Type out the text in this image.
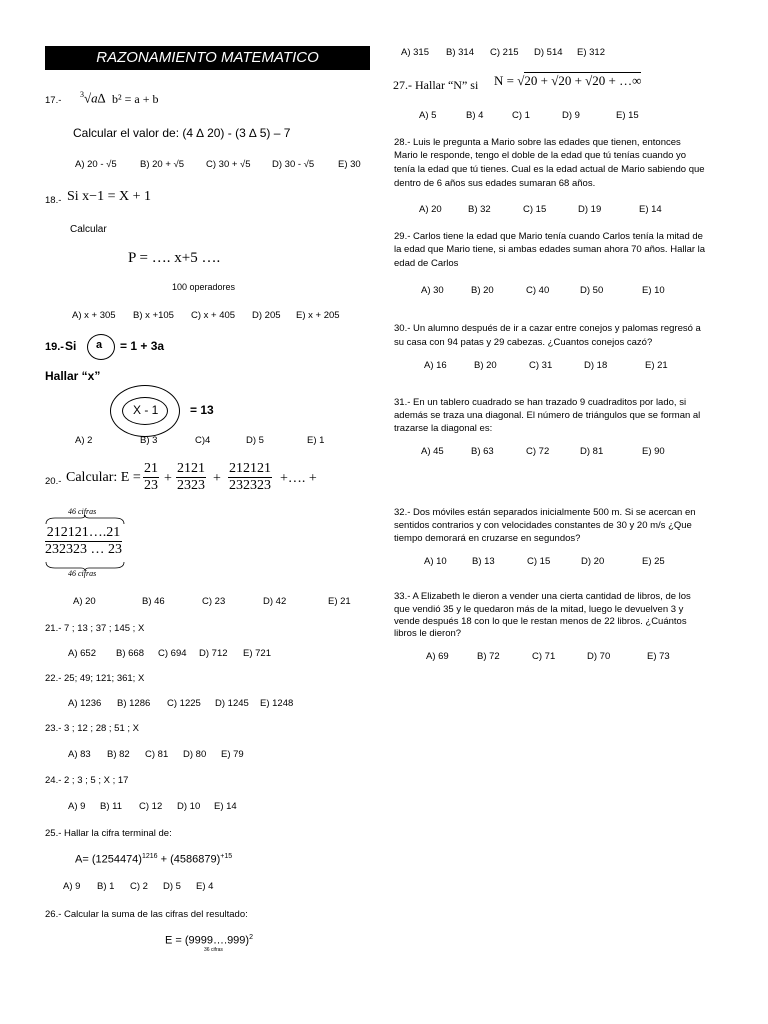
RAZONAMIENTO MATEMATICO
17.-
$^3$√a∆ b² = a + b
Calcular el valor de: (4 ∆ 20) - (3 ∆ 5) – 7
A) 20 - √5 B) 20 + √5 C) 30 + √5 D) 30 - √5	E) 30
18.- Si x−1 = X + 1
Calcular
P = …. x+5 ….
100 operadores
A) x + 305 B) x +105 C) x + 405 D) 205 E) x + 205
19.- Si a = 1 + 3a
Hallar “x”
X - 1	= 13
A) 2	B) 3	C)4	D) 5	E) 1
20.- Calcular: $E = \frac{21}{23} + \frac{2121}{2323} + \frac{212121}{232323}$ +…. +
46 cifras
$\frac{212121\dots.21}{232323 \dots 23}$
46 cifras
A) 20	B) 46	C) 23	D) 42	E) 21
21.- 7 ; 13 ; 37 ; 145 ; X
A) 652 B) 668 C) 694 D) 712 E) 721
22.- 25; 49; 121; 361; X
A) 1236 B) 1286 C) 1225 D) 1245 E) 1248
23.- 3 ; 12 ; 28 ; 51 ; X
A) 83 B) 82 C) 81 D) 80 E) 79
24.- 2 ; 3 ; 5 ; X ; 17
A) 9 B) 11 C) 12 D) 10 E) 14
25.- Hallar la cifra terminal de:
$A= (1254474)^{1216} + (4586879)^{+15}$
A) 9 B) 1 C) 2 D) 5 E) 4
26.- Calcular la suma de las cifras del resultado:
E = (9999….999)$^2$
36 cifras
A) 315 B) 314 C) 215 D) 514 E) 312
27.- Hallar “N” si N = √20 + √20 + √20 + …∞
A) 5	B) 4	C) 1	D) 9	E) 15
28.- Luis le pregunta a Mario sobre las edades que tienen, entonces
Mario le responde, tengo el doble de la edad que tú tenías cuando yo
tenía la edad que tú tienes. Cual es la edad actual de Mario sabiendo que
dentro de 6 años sus edades sumaran 68 años.
A) 20	B) 32	C) 15	D) 19	E) 14
29.- Carlos tiene la edad que Mario tenía cuando Carlos tenía la mitad de
la edad que Mario tiene, si ambas edades suman ahora 70 años. Hallar la
edad de Carlos
A) 30	B) 20	C) 40	D) 50	E) 10
30.- Un alumno después de ir a cazar entre conejos y palomas regresó a
su casa con 94 patas y 29 cabezas. ¿Cuantos conejos cazó?
A) 16	B) 20	C) 31	D) 18	E) 21
31.- En un tablero cuadrado se han trazado 9 cuadraditos por lado, si
además se traza una diagonal. El número de triángulos que se forman al
trazarse la diagonal es:
A) 45	B) 63	C) 72	D) 81	E) 90
32.- Dos móviles están separados inicialmente 500 m. Si se acercan en
sentidos contrarios y con velocidades constantes de 30 y 20 m/s ¿Que
tiempo demorará en cruzarse en segundos?
A) 10	B) 13	C) 15	D) 20	E) 25
33.- A Elizabeth le dieron a vender una cierta cantidad de libros, de los
que vendió 35 y le quedaron más de la mitad, luego le devuelven 3 y
vende después 18 con lo que le restan menos de 22 libros. ¿Cuántos
libros le dieron?
A) 69	B) 72	C) 71	D) 70	E) 73
